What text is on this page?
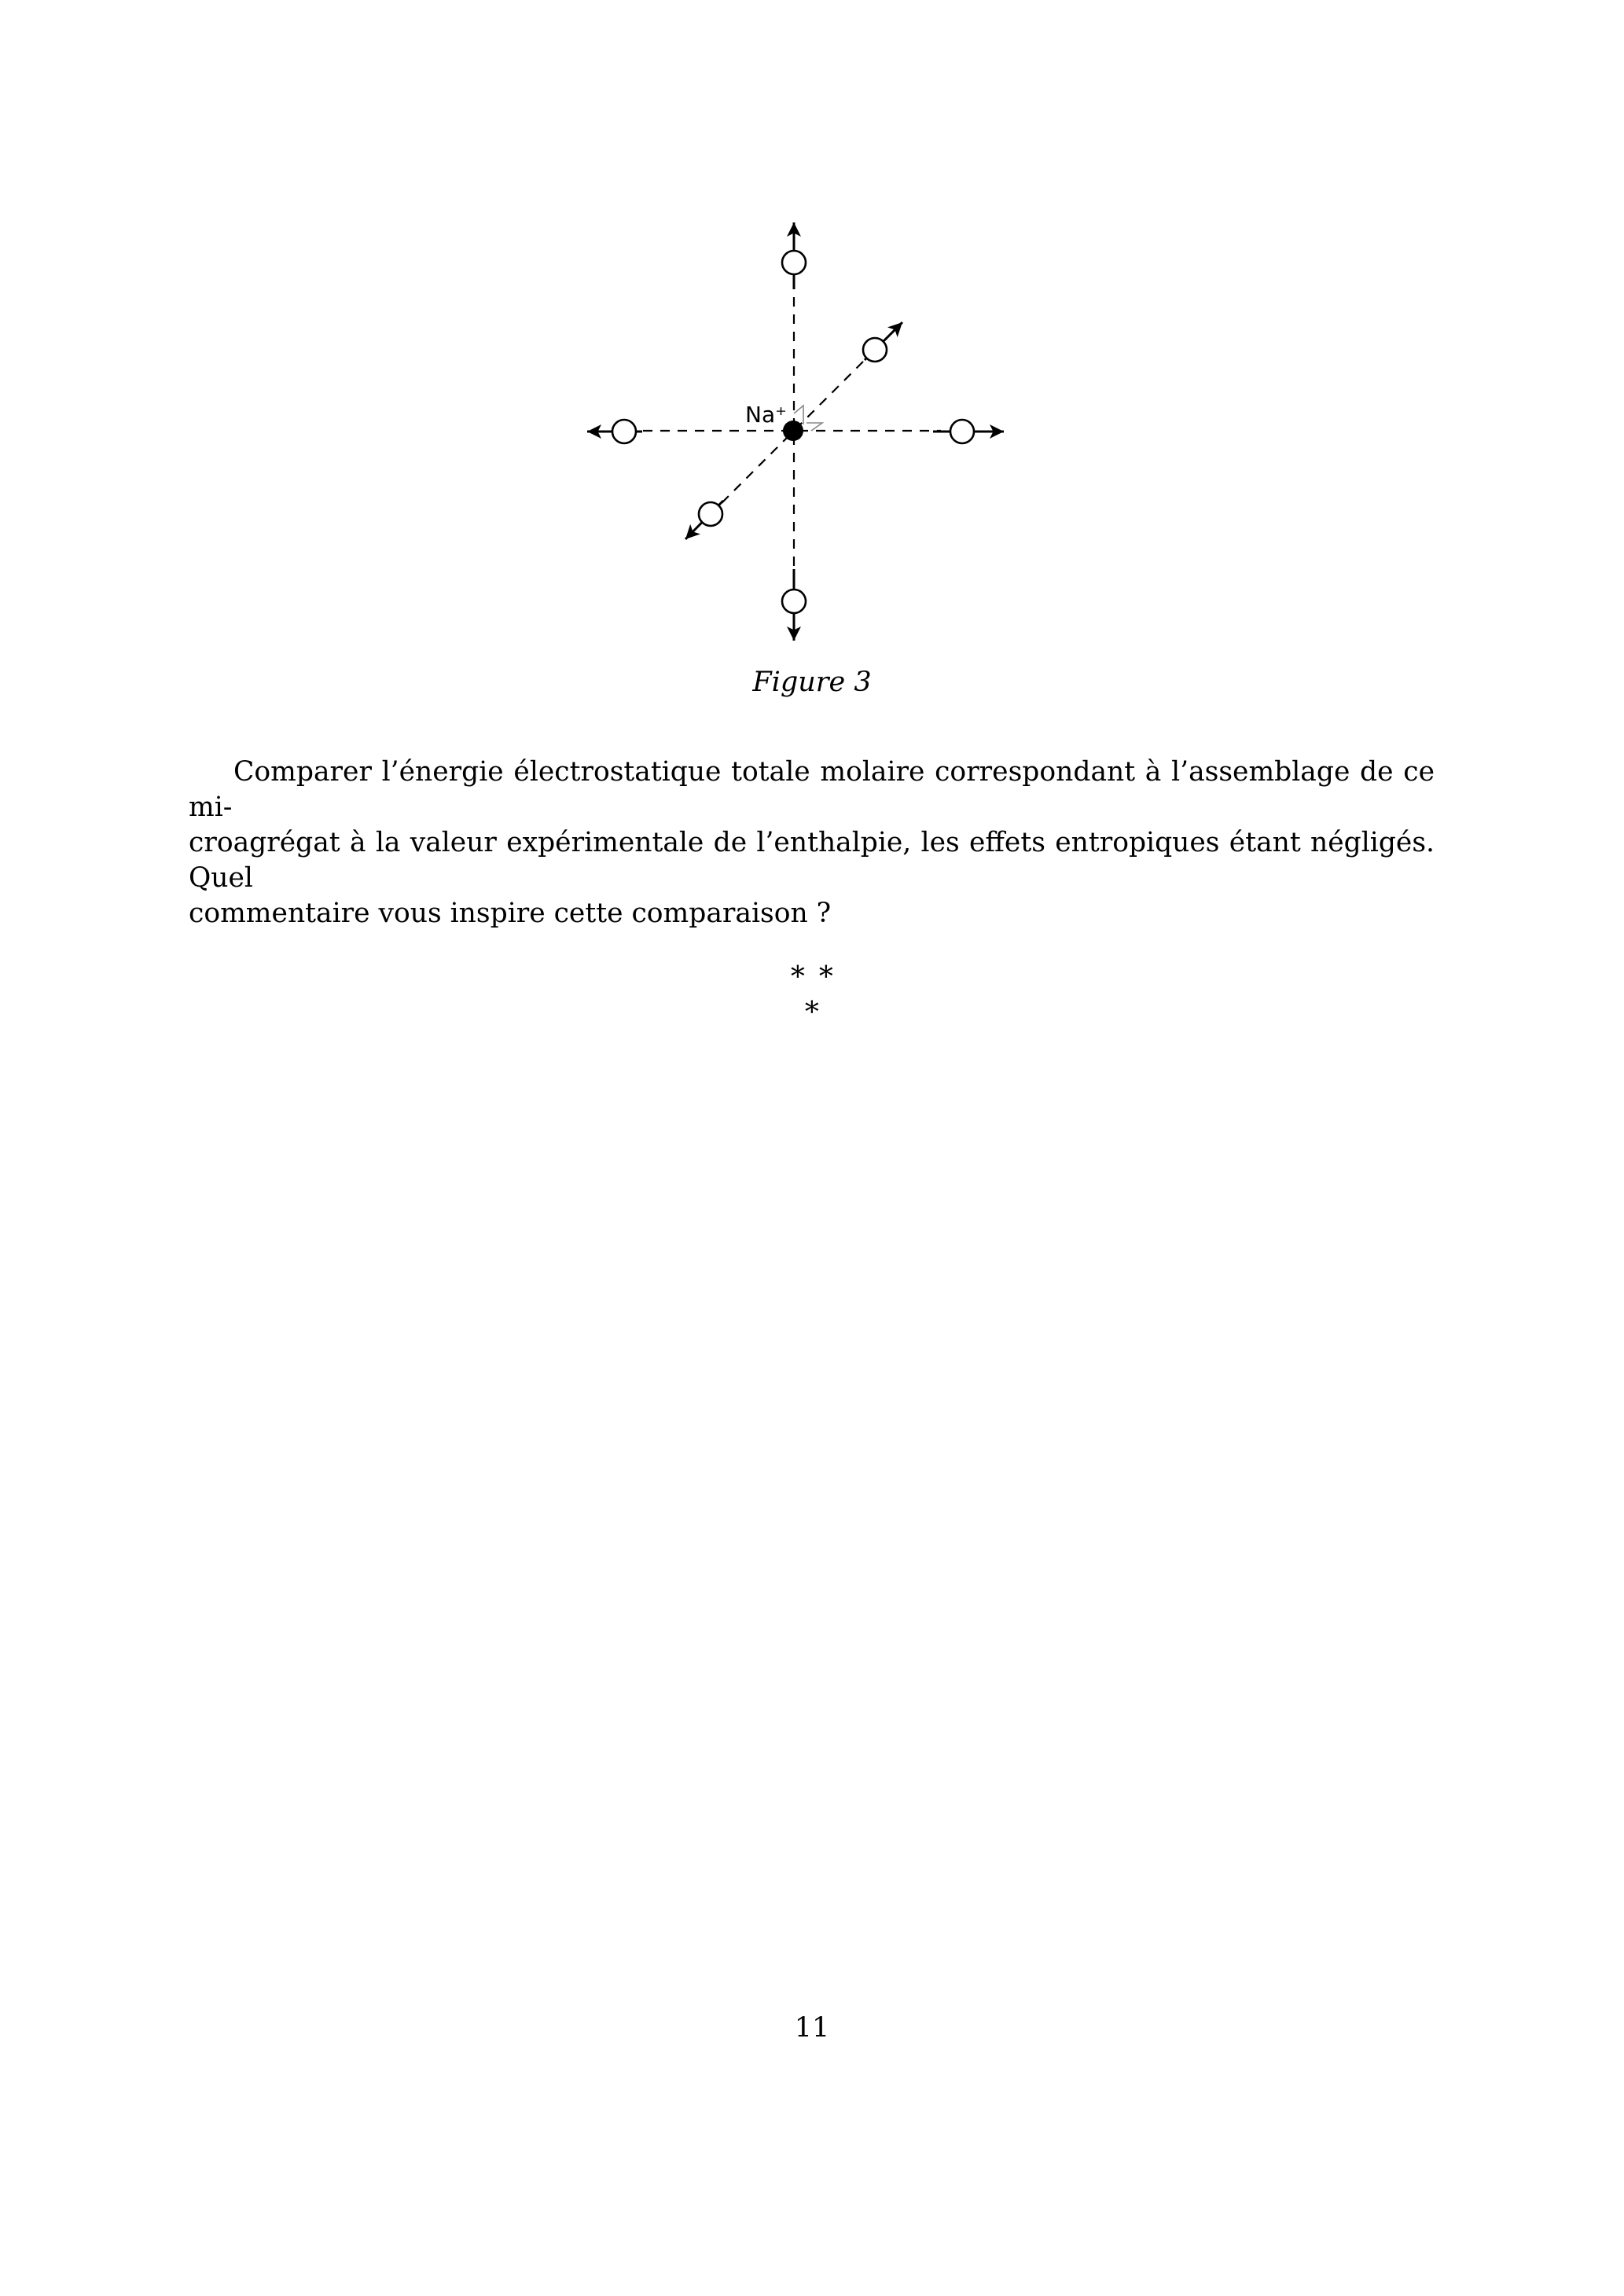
Na⁺
Figure 3
Comparer l’énergie électrostatique totale molaire correspondant à l’assemblage de ce mi-
croagrégat à la valeur expérimentale de l’enthalpie, les effets entropiques étant négligés. Quel
commentaire vous inspire cette comparaison ?
∗ ∗
∗
11
